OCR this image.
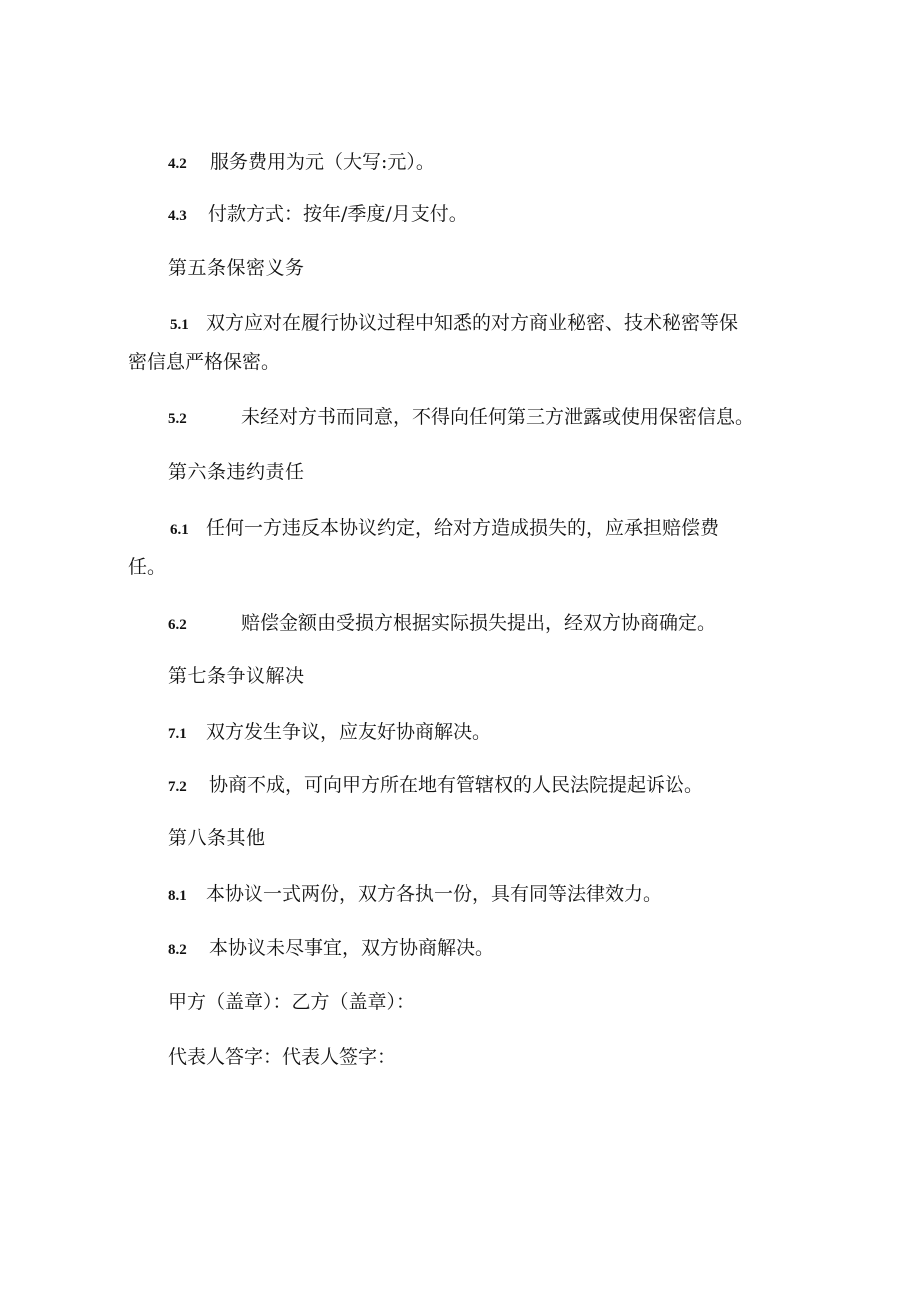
4.2 服务费用为元（大写:元）。
4.3 付款方式：按年/季度/月支付。
第五条保密义务
5.1 双方应对在履行协议过程中知悉的对方商业秘密、技术秘密等保
密信息严格保密。
5.2	未经对方书而同意，不得向任何第三方泄露或使用保密信息。
第六条违约责任
6.1 任何一方违反本协议约定，给对方造成损失的，应承担赔偿费
任。
6.2	赔偿金额由受损方根据实际损失提出，经双方协商确定。
第七条争议解决
7.1 双方发生争议，应友好协商解决。
7.2 协商不成，可向甲方所在地有管辖权的人民法院提起诉讼。
第八条其他
8.1 本协议一式两份，双方各执一份，具有同等法律效力。
8.2 本协议未尽事宜，双方协商解决。
甲方（盖章）：乙方（盖章）：
代表人答字：代表人签字：
